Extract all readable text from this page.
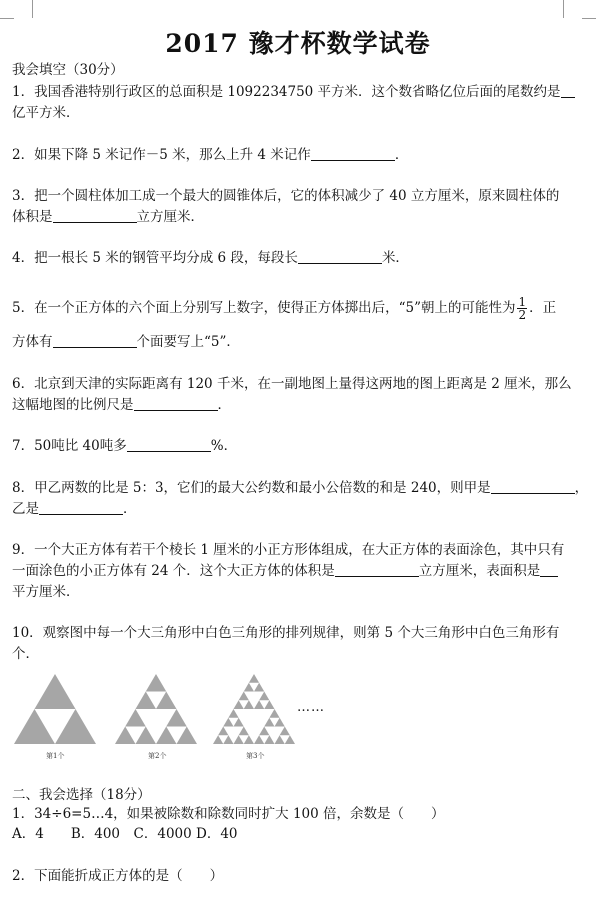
2017 豫才杯数学试卷
我会填空（30分）
1．我国香港特别行政区的总面积是 1092234750 平方米．这个数省略亿位后面的尾数约是
亿平方米．
2．如果下降 5 米记作－5 米，那么上升 4 米记作	．
3．把一个圆柱体加工成一个最大的圆锥体后，它的体积减少了 40 立方厘米，原来圆柱体的
体积是	立方厘米．
4．把一根长 5 米的钢管平均分成 6 段，每段长	米．
5．在一个正方体的六个面上分别写上数字，使得正方体掷出后，“5”朝上的可能性为 $\frac{1}{2}$ ．正
方体有	个面要写上“5”．
6．北京到天津的实际距离有 120 千米，在一副地图上量得这两地的图上距离是 2 厘米，那么
这幅地图的比例尺是	．
7．50吨比 40吨多	%．
8．甲乙两数的比是 5：3，它们的最大公约数和最小公倍数的和是 240，则甲是	，
乙是	．
9．一个大正方体有若干个棱长 1 厘米的小正方形体组成，在大正方体的表面涂色，其中只有
一面涂色的小正方体有 24 个．这个大正方体的体积是	立方厘米，表面积是
平方厘米．
10．观察图中每一个大三角形中白色三角形的排列规律，则第 5 个大三角形中白色三角形有
个．
第1个	第2个	第3个
……
二、我会选择（18分）
1．34÷6=5…4，如果被除数和除数同时扩大 100 倍，余数是（　　）
A．4　　B．400　C．4000 D．40
2．下面能折成正方体的是（　　）
